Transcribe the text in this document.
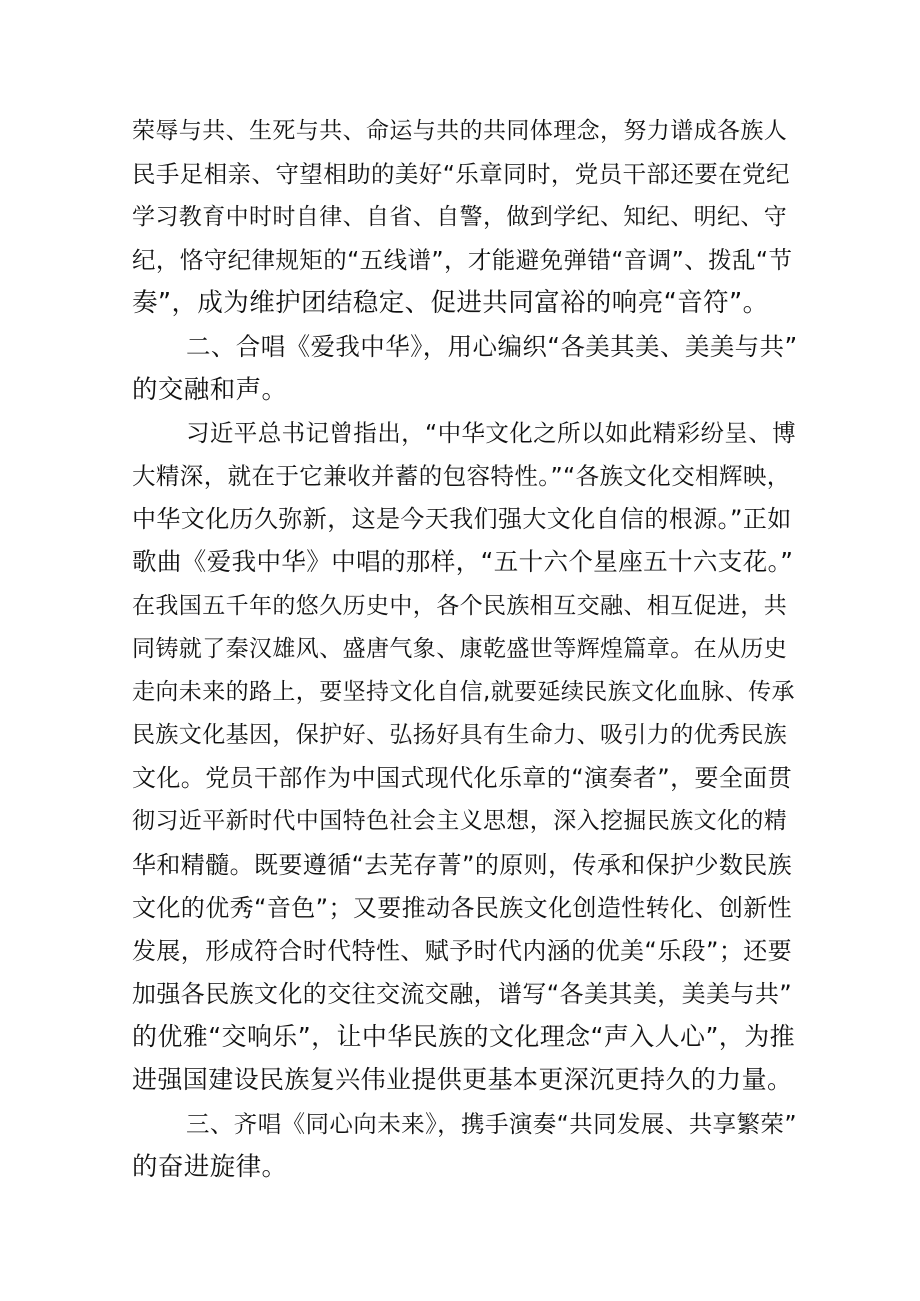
荣辱与共、生死与共、命运与共的共同体理念，努力谱成各族人

民手足相亲、守望相助的美好“乐章同时，党员干部还要在党纪

学习教育中时时自律、自省、自警，做到学纪、知纪、明纪、守

纪，恪守纪律规矩的“五线谱”，才能避免弹错“音调”、拨乱“节

奏”，成为维护团结稳定、促进共同富裕的响亮“音符”。

二、合唱《爱我中华》，用心编织“各美其美、美美与共”

的交融和声。

习近平总书记曾指出，“中华文化之所以如此精彩纷呈、博

大精深，就在于它兼收并蓄的包容特性。”“各族文化交相辉映，

中华文化历久弥新，这是今天我们强大文化自信的根源。”正如

歌曲《爱我中华》中唱的那样，“五十六个星座五十六支花。”

在我国五千年的悠久历史中，各个民族相互交融、相互促进，共

同铸就了秦汉雄风、盛唐气象、康乾盛世等辉煌篇章。在从历史

走向未来的路上，要坚持文化自信,就要延续民族文化血脉、传承

民族文化基因，保护好、弘扬好具有生命力、吸引力的优秀民族

文化。党员干部作为中国式现代化乐章的“演奏者”，要全面贯

彻习近平新时代中国特色社会主义思想，深入挖掘民族文化的精

华和精髓。既要遵循“去芜存菁”的原则，传承和保护少数民族

文化的优秀“音色”；又要推动各民族文化创造性转化、创新性

发展，形成符合时代特性、赋予时代内涵的优美“乐段”；还要

加强各民族文化的交往交流交融，谱写“各美其美，美美与共”

的优雅“交响乐”，让中华民族的文化理念“声入人心”，为推

进强国建设民族复兴伟业提供更基本更深沉更持久的力量。

三、齐唱《同心向未来》，携手演奏“共同发展、共享繁荣”

的奋进旋律。
